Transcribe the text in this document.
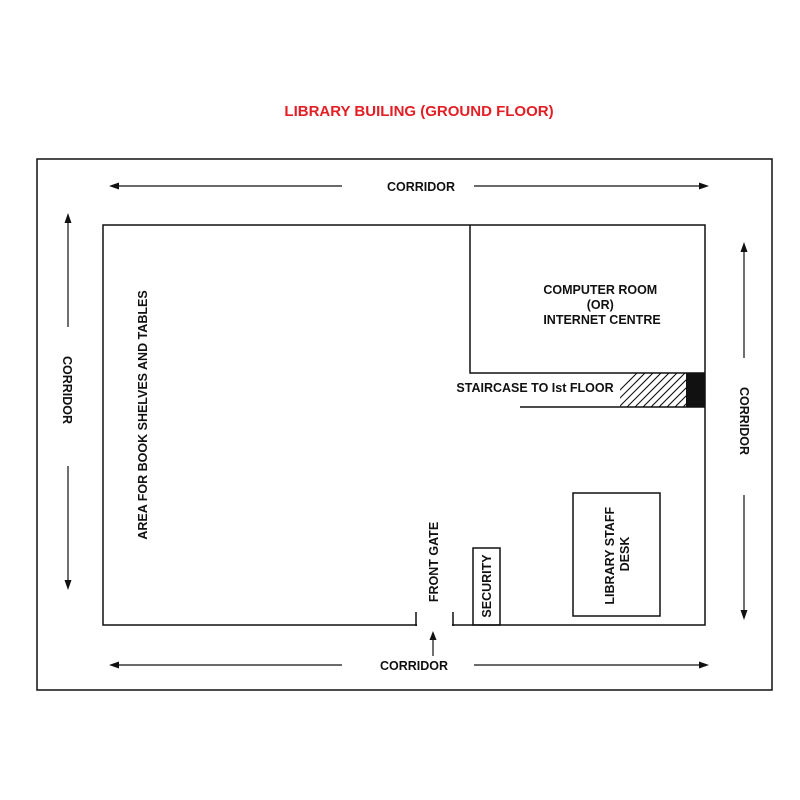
LIBRARY BUILING (GROUND FLOOR)
COMPUTER ROOM (OR) INTERNET CENTRE
STAIRCASE TO Ist FLOOR
AREA FOR BOOK SHELVES AND TABLES
FRONT GATE	SECURITY	LIBRARY STAFF DESK
CORRIDOR
CORRIDOR
CORRIDOR	CORRIDOR
